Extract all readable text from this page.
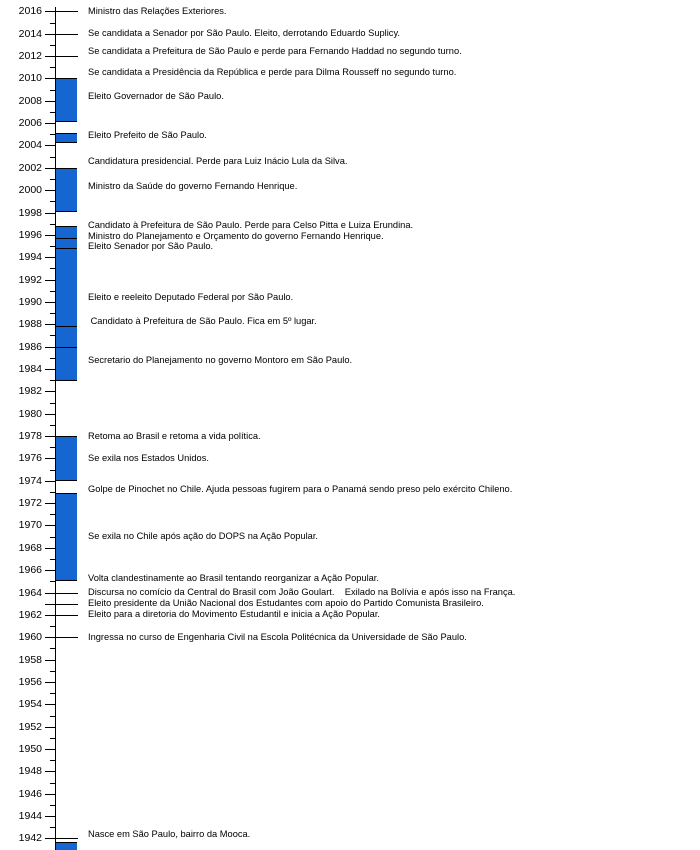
2016
2014
2012
2010
2008
2006
2004
2002
2000
1998
1996
1994
1992
1990
1988
1986
1984
1982
1980
1978
1976
1974
1972
1970
1968
1966
1964
1962
1960
1958
1956
1954
1952
1950
1948
1946
1944
1942
Ministro das Relações Exteriores.
Se candidata a Senador por São Paulo. Eleito, derrotando Eduardo Suplicy.
Se candidata a Prefeitura de São Paulo e perde para Fernando Haddad no segundo turno.
Se candidata a Presidência da República e perde para Dilma Rousseff no segundo turno.
Eleito Governador de São Paulo.
Eleito Prefeito de São Paulo.
Candidatura presidencial. Perde para Luiz Inácio Lula da Silva.
Ministro da Saúde do governo Fernando Henrique.
Candidato à Prefeitura de São Paulo. Perde para Celso Pitta e Luiza Erundina.
Ministro do Planejamento e Orçamento do governo Fernando Henrique.
Eleito Senador por São Paulo.
Eleito e reeleito Deputado Federal por São Paulo.
Candidato à Prefeitura de São Paulo. Fica em 5º lugar.
Secretario do Planejamento no governo Montoro em São Paulo.
Retoma ao Brasil e retoma a vida política.
Se exila nos Estados Unidos.
Golpe de Pinochet no Chile. Ajuda pessoas fugirem para o Panamá sendo preso pelo exército Chileno.
Se exila no Chile após ação do DOPS na Ação Popular.
Volta clandestinamente ao Brasil tentando reorganizar a Ação Popular.
Discursa no comício da Central do Brasil com João Goulart.    Exilado na Bolívia e após isso na França.
Eleito presidente da União Nacional dos Estudantes com apoio do Partido Comunista Brasileiro.
Eleito para a diretoria do Movimento Estudantil e inicia a Ação Popular.
Ingressa no curso de Engenharia Civil na Escola Politécnica da Universidade de São Paulo.
Nasce em São Paulo, bairro da Mooca.
